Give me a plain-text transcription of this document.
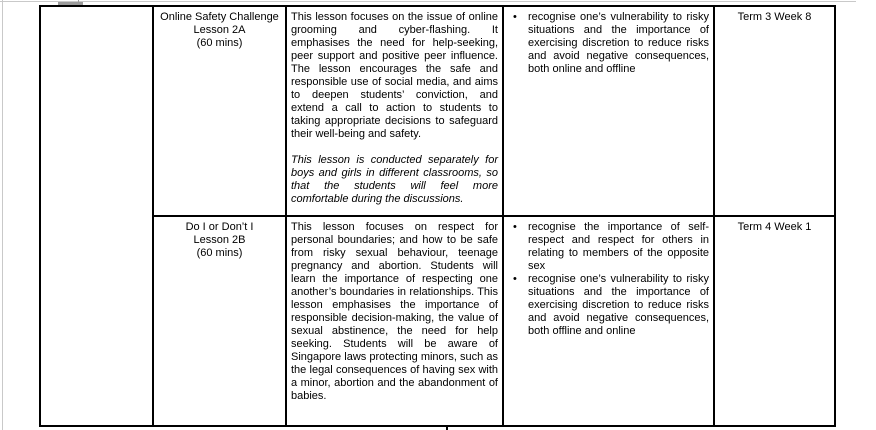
Online Safety Challenge
Lesson 2A
(60 mins)
This lesson focuses on the issue of online grooming and cyber-flashing. It emphasises the need for help-seeking, peer support and positive peer influence. The lesson encourages the safe and responsible use of social media, and aims to deepen students’ conviction, and extend a call to action to students to taking appropriate decisions to safeguard their well-being and safety.
This lesson is conducted separately for boys and girls in different classrooms, so that the students will feel more comfortable during the discussions.
• recognise one’s vulnerability to risky situations and the importance of exercising discretion to reduce risks and avoid negative consequences, both online and offline
Term 3 Week 8
Do I or Don’t I
Lesson 2B
(60 mins)
This lesson focuses on respect for personal boundaries; and how to be safe from risky sexual behaviour, teenage pregnancy and abortion. Students will learn the importance of respecting one another’s boundaries in relationships. This lesson emphasises the importance of responsible decision-making, the value of sexual abstinence, the need for help seeking. Students will be aware of Singapore laws protecting minors, such as the legal consequences of having sex with a minor, abortion and the abandonment of babies.
• recognise the importance of self-respect and respect for others in relating to members of the opposite sex
• recognise one’s vulnerability to risky situations and the importance of exercising discretion to reduce risks and avoid negative consequences, both offline and online
Term 4 Week 1
